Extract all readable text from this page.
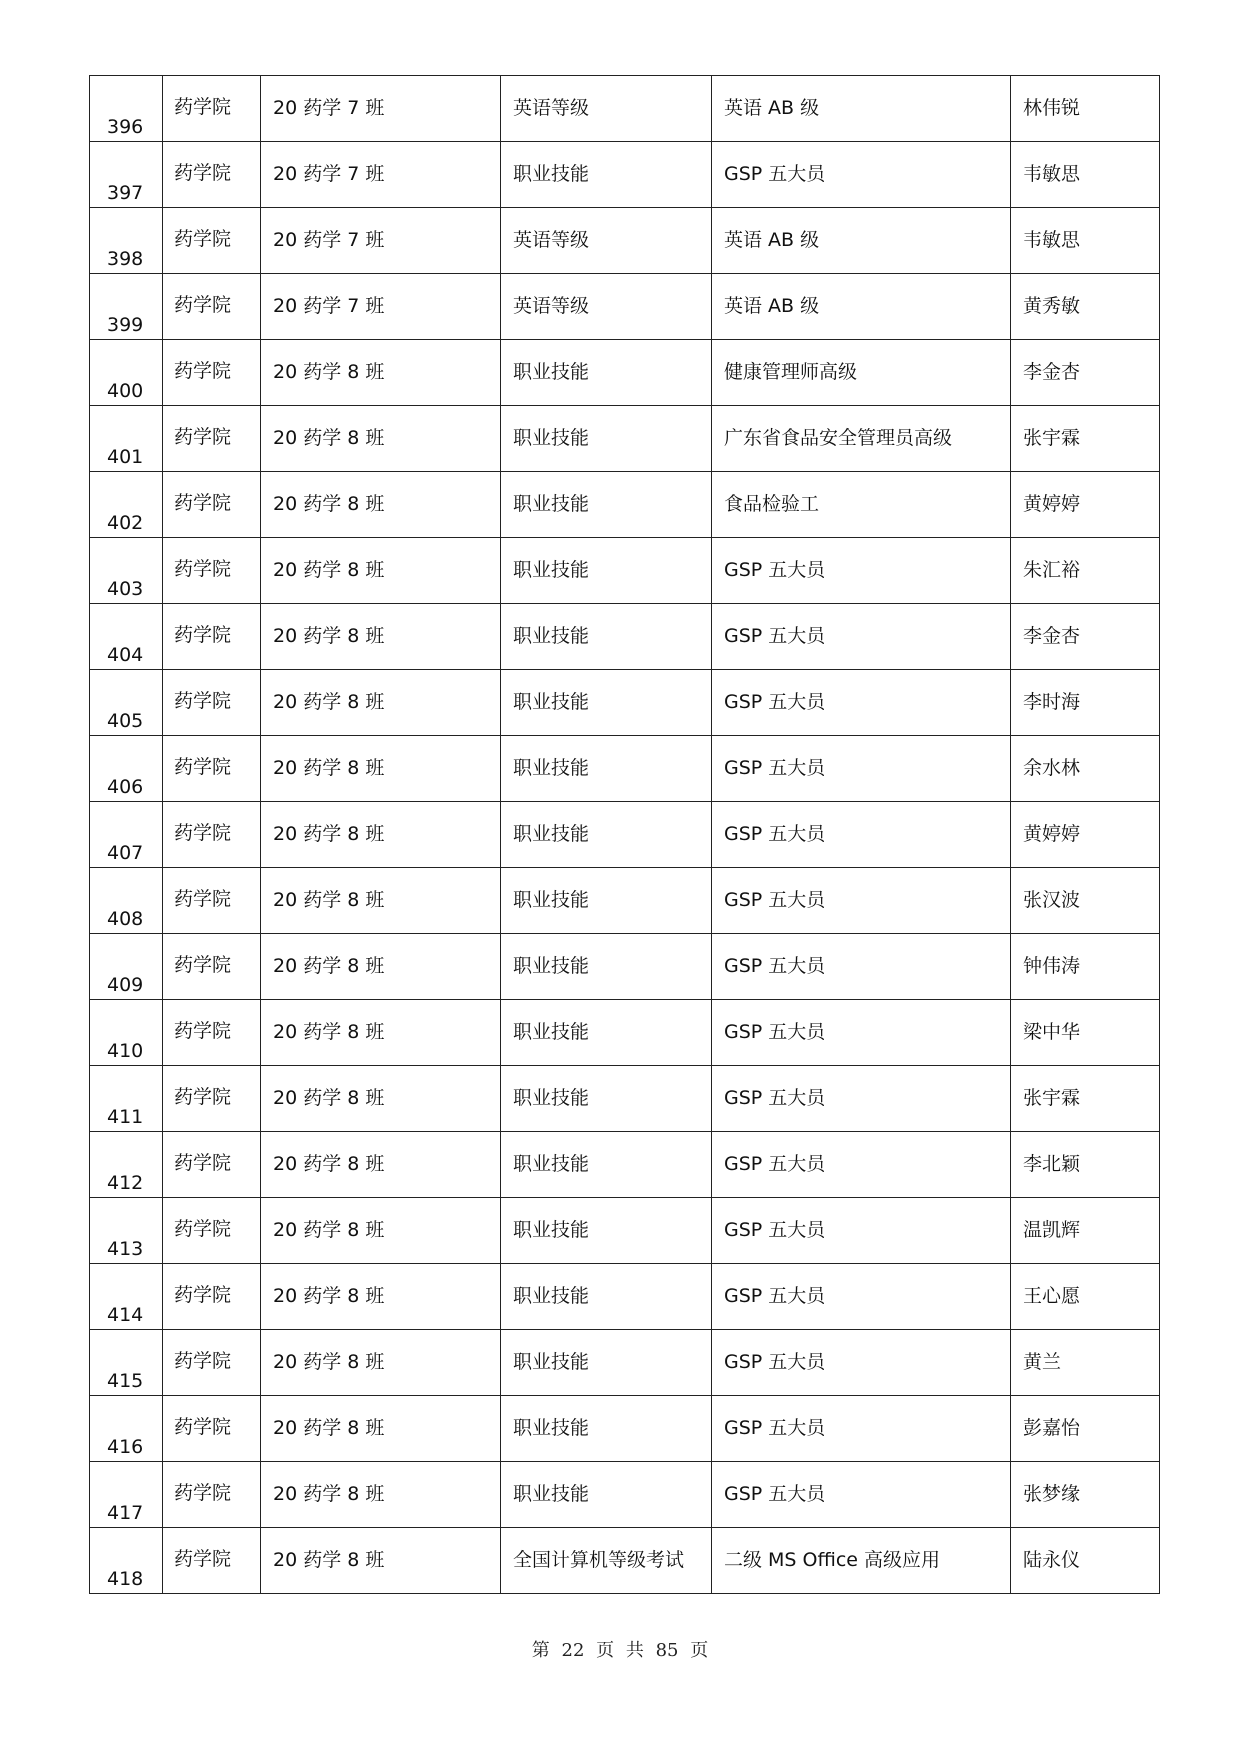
396	药学院	20 药学 7 班	英语等级	英语 AB 级	林伟锐

397	药学院	20 药学 7 班	职业技能	GSP 五大员	韦敏思

398	药学院	20 药学 7 班	英语等级	英语 AB 级	韦敏思

399	药学院	20 药学 7 班	英语等级	英语 AB 级	黄秀敏

400	药学院	20 药学 8 班	职业技能	健康管理师高级	李金杏

401	药学院	20 药学 8 班	职业技能	广东省食品安全管理员高级	张宇霖

402	药学院	20 药学 8 班	职业技能	食品检验工	黄婷婷

403	药学院	20 药学 8 班	职业技能	GSP 五大员	朱汇裕

404	药学院	20 药学 8 班	职业技能	GSP 五大员	李金杏

405	药学院	20 药学 8 班	职业技能	GSP 五大员	李时海

406	药学院	20 药学 8 班	职业技能	GSP 五大员	余水林

407	药学院	20 药学 8 班	职业技能	GSP 五大员	黄婷婷

408	药学院	20 药学 8 班	职业技能	GSP 五大员	张汉波

409	药学院	20 药学 8 班	职业技能	GSP 五大员	钟伟涛

410	药学院	20 药学 8 班	职业技能	GSP 五大员	梁中华

411	药学院	20 药学 8 班	职业技能	GSP 五大员	张宇霖

412	药学院	20 药学 8 班	职业技能	GSP 五大员	李北颖

413	药学院	20 药学 8 班	职业技能	GSP 五大员	温凯辉

414	药学院	20 药学 8 班	职业技能	GSP 五大员	王心愿

415	药学院	20 药学 8 班	职业技能	GSP 五大员	黄兰

416	药学院	20 药学 8 班	职业技能	GSP 五大员	彭嘉怡

417	药学院	20 药学 8 班	职业技能	GSP 五大员	张梦缘

418	药学院	20 药学 8 班	全国计算机等级考试	二级 MS Office 高级应用	陆永仪
第 22 页 共 85 页
